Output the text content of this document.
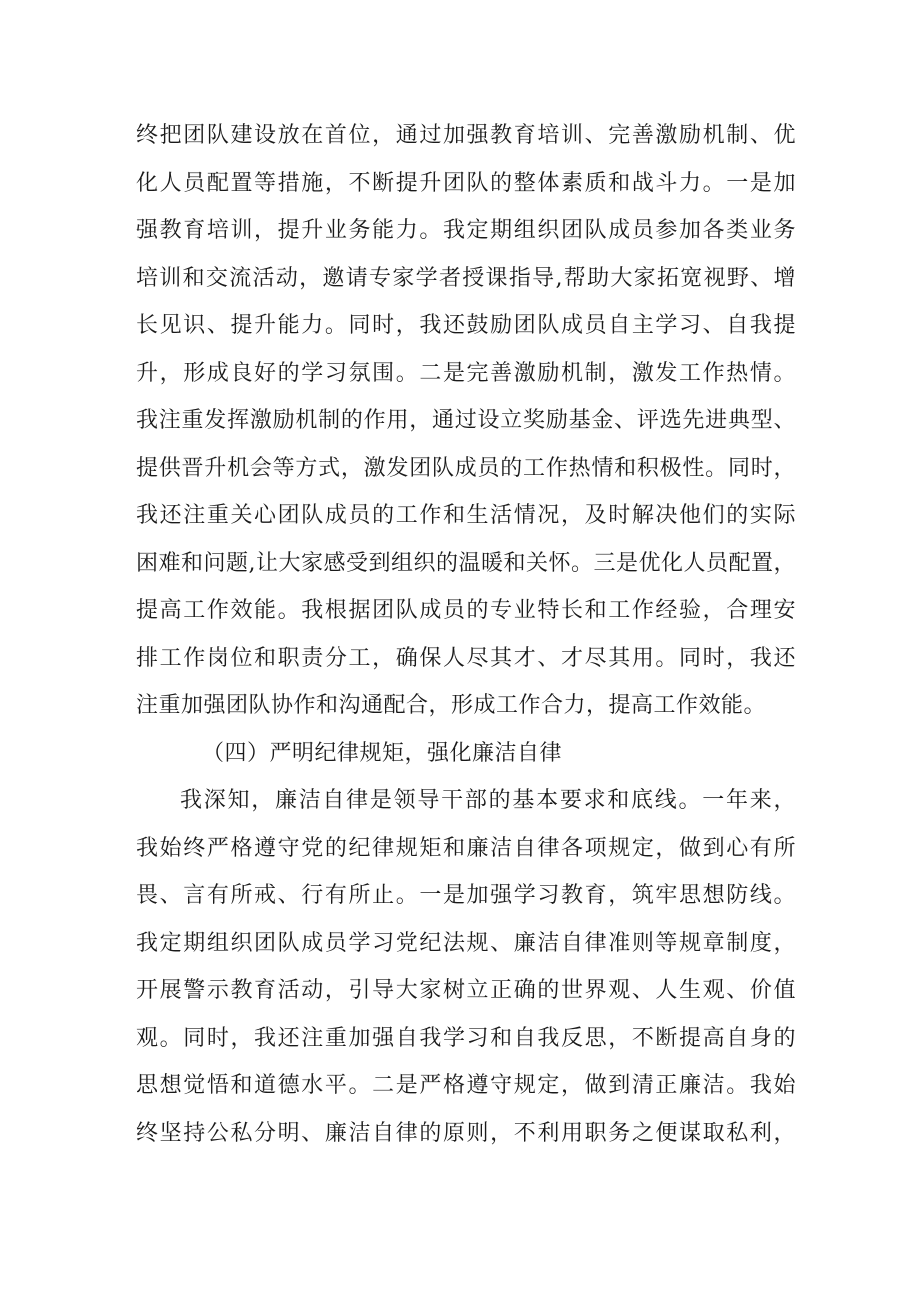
终把团队建设放在首位，通过加强教育培训、完善激励机制、优
化人员配置等措施，不断提升团队的整体素质和战斗力。一是加
强教育培训，提升业务能力。我定期组织团队成员参加各类业务
培训和交流活动，邀请专家学者授课指导,帮助大家拓宽视野、增
长见识、提升能力。同时，我还鼓励团队成员自主学习、自我提
升，形成良好的学习氛围。二是完善激励机制，激发工作热情。
我注重发挥激励机制的作用，通过设立奖励基金、评选先进典型、
提供晋升机会等方式，激发团队成员的工作热情和积极性。同时，
我还注重关心团队成员的工作和生活情况，及时解决他们的实际
困难和问题,让大家感受到组织的温暖和关怀。三是优化人员配置，
提高工作效能。我根据团队成员的专业特长和工作经验，合理安
排工作岗位和职责分工，确保人尽其才、才尽其用。同时，我还
注重加强团队协作和沟通配合，形成工作合力，提高工作效能。
（四）严明纪律规矩，强化廉洁自律
我深知，廉洁自律是领导干部的基本要求和底线。一年来，
我始终严格遵守党的纪律规矩和廉洁自律各项规定，做到心有所
畏、言有所戒、行有所止。一是加强学习教育，筑牢思想防线。
我定期组织团队成员学习党纪法规、廉洁自律准则等规章制度，
开展警示教育活动，引导大家树立正确的世界观、人生观、价值
观。同时，我还注重加强自我学习和自我反思，不断提高自身的
思想觉悟和道德水平。二是严格遵守规定，做到清正廉洁。我始
终坚持公私分明、廉洁自律的原则，不利用职务之便谋取私利，
